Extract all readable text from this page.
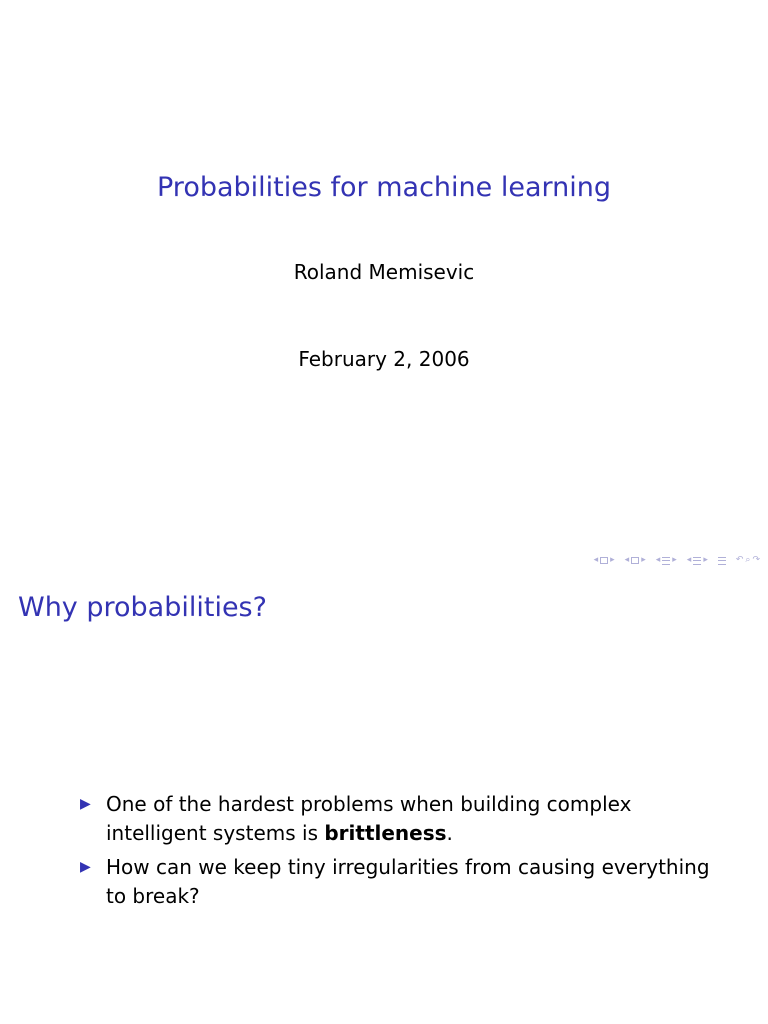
Probabilities for machine learning
Roland Memisevic
February 2, 2006
◂ ▸ ◂ ▸ ◂ ▸ ◂ ▸	↶ ⌕ ↷
Why probabilities?
▶ One of the hardest problems when building complex intelligent systems is brittleness.
▶ How can we keep tiny irregularities from causing everything to break?
